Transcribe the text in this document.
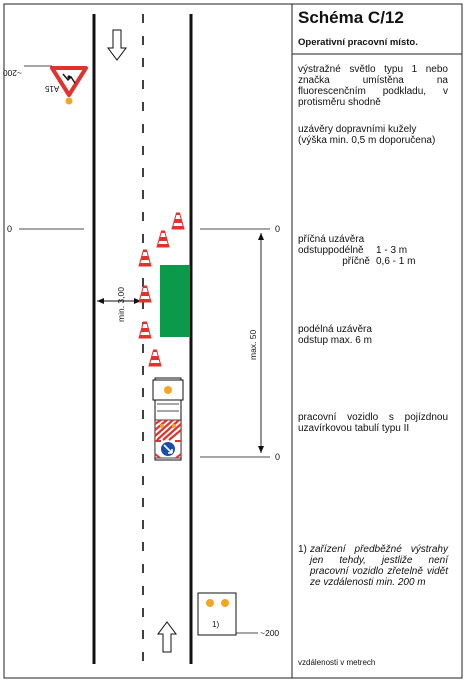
A15
~200
0	0
0
max. 50
min. 3,00
1)
~200
Schéma C/12
Operativní pracovní místo.
výstražné světlo typu 1 nebo značka umístěna na fluorescenčním podkladu, v protisměru shodně
uzávěry dopravními kužely
(výška min. 0,5 m doporučena)
příčná uzávěra
odstup podélně	1 - 3 m
příčně 0,6 - 1 m
podélná uzávěra
odstup max. 6 m
pracovní vozidlo s pojízdnou uzavírkovou tabulí typu II
1) zařízení předběžné výstrahy jen tehdy, jestliže není pracovní vozidlo zřetelně vidět ze vzdálenosti min. 200 m
vzdálenosti v metrech
